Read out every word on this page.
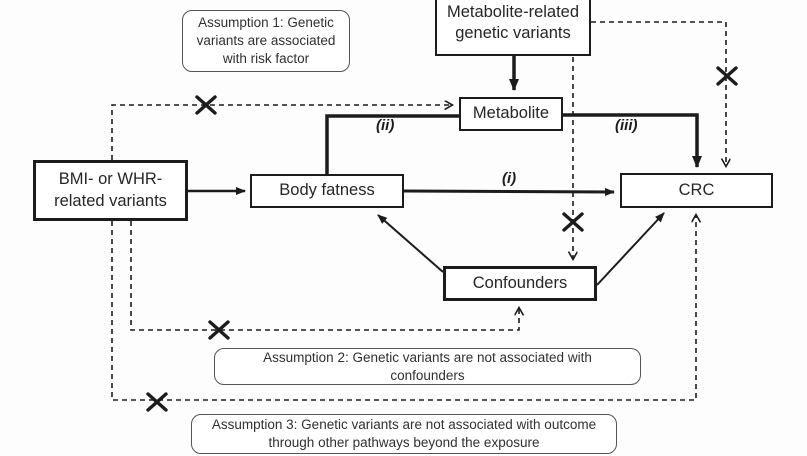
Metabolite-related
genetic variants
BMI- or WHR-
related variants
Body fatness
Metabolite
CRC
Confounders
Assumption 1: Genetic
variants are associated
with risk factor
Assumption 2: Genetic variants are not associated with
confounders
Assumption 3: Genetic variants are not associated with outcome
through other pathways beyond the exposure
(i)
(ii)	(iii)
